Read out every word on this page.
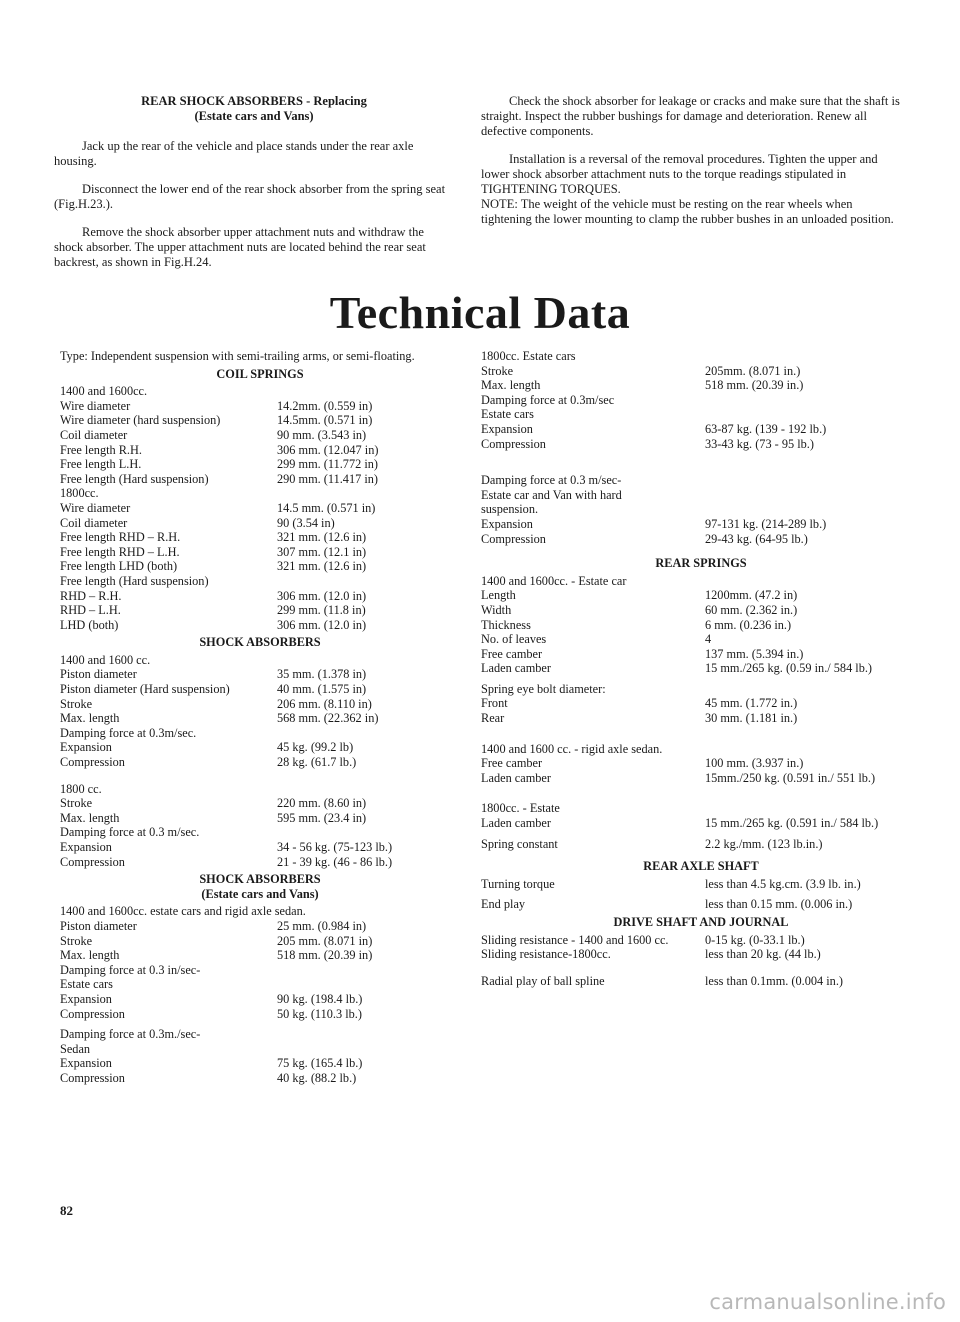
REAR SHOCK ABSORBERS - Replacing
(Estate cars and Vans)

Jack up the rear of the vehicle and place stands under the rear axle housing.

Disconnect the lower end of the rear shock absorber from the spring seat (Fig.H.23.).

Remove the shock absorber upper attachment nuts and withdraw the shock absorber. The upper attachment nuts are located behind the rear seat backrest, as shown in Fig.H.24.

Check the shock absorber for leakage or cracks and make sure that the shaft is straight. Inspect the rubber bushings for damage and deterioration. Renew all defective components.

Installation is a reversal of the removal procedures. Tighten the upper and lower shock absorber attachment nuts to the torque readings stipulated in TIGHTENING TORQUES.

NOTE: The weight of the vehicle must be resting on the rear wheels when tightening the lower mounting to clamp the rubber bushes in an unloaded position.

Technical Data
Type: Independent suspension with semi-trailing arms, or semi-floating.
COIL SPRINGS
1400 and 1600cc.
Wire diameter	14.2mm. (0.559 in)
Wire diameter (hard suspension)	14.5mm. (0.571 in)
Coil diameter	90 mm. (3.543 in)
Free length R.H.	306 mm. (12.047 in)
Free length L.H.	299 mm. (11.772 in)
Free length (Hard suspension)	290 mm. (11.417 in)
1800cc.
Wire diameter	14.5 mm. (0.571 in)
Coil diameter	90 (3.54 in)
Free length RHD – R.H.	321 mm. (12.6 in)
Free length RHD – L.H.	307 mm. (12.1 in)
Free length LHD (both)	321 mm. (12.6 in)
Free length (Hard suspension)
RHD – R.H.	306 mm. (12.0 in)
RHD – L.H.	299 mm. (11.8 in)
LHD (both)	306 mm. (12.0 in)
SHOCK ABSORBERS
1400 and 1600 cc.
Piston diameter	35 mm. (1.378 in)
Piston diameter (Hard suspension)	40 mm. (1.575 in)
Stroke	206 mm. (8.110 in)
Max. length	568 mm. (22.362 in)
Damping force at 0.3m/sec.
Expansion	45 kg. (99.2 lb)
Compression	28 kg. (61.7 lb.)
1800 cc.
Stroke	220 mm. (8.60 in)
Max. length	595 mm. (23.4 in)
Damping force at 0.3 m/sec.
Expansion	34 - 56 kg. (75-123 lb.)
Compression	21 - 39 kg. (46 - 86 lb.)
SHOCK ABSORBERS
(Estate cars and Vans)
1400 and 1600cc. estate cars and rigid axle sedan.
Piston diameter	25 mm. (0.984 in)
Stroke	205 mm. (8.071 in)
Max. length	518 mm. (20.39 in)
Damping force at 0.3 in/sec-
Estate cars
Expansion	90 kg. (198.4 lb.)
Compression	50 kg. (110.3 lb.)
Damping force at 0.3m./sec-
Sedan
Expansion	75 kg. (165.4 lb.)
Compression	40 kg. (88.2 lb.)
1800cc. Estate cars
Stroke	205mm. (8.071 in.)
Max. length	518 mm. (20.39 in.)
Damping force at 0.3m/sec
Estate cars
Expansion	63-87 kg. (139 - 192 lb.)
Compression	33-43 kg. (73 - 95 lb.)
Damping force at 0.3 m/sec-
Estate car and Van with hard
suspension.
Expansion	97-131 kg. (214-289 lb.)
Compression	29-43 kg. (64-95 lb.)
REAR SPRINGS
1400 and 1600cc. - Estate car
Length	1200mm. (47.2 in)
Width	60 mm. (2.362 in.)
Thickness	6 mm. (0.236 in.)
No. of leaves	4
Free camber	137 mm. (5.394 in.)
Laden camber	15 mm./265 kg. (0.59 in./ 584 lb.)
Spring eye bolt diameter:
Front	45 mm. (1.772 in.)
Rear	30 mm. (1.181 in.)
1400 and 1600 cc. - rigid axle sedan.
Free camber	100 mm. (3.937 in.)
Laden camber	15mm./250 kg. (0.591 in./ 551 lb.)
1800cc. - Estate
Laden camber	15 mm./265 kg. (0.591 in./ 584 lb.)
Spring constant	2.2 kg./mm. (123 lb.in.)
REAR AXLE SHAFT
Turning torque	less than 4.5 kg.cm. (3.9 lb. in.)
End play	less than 0.15 mm. (0.006 in.)
DRIVE SHAFT AND JOURNAL
Sliding resistance - 1400 and 1600 cc.	0-15 kg. (0-33.1 lb.)
Sliding resistance-1800cc.	less than 20 kg. (44 lb.)
Radial play of ball spline	less than 0.1mm. (0.004 in.)
82
carmanualsonline.info
